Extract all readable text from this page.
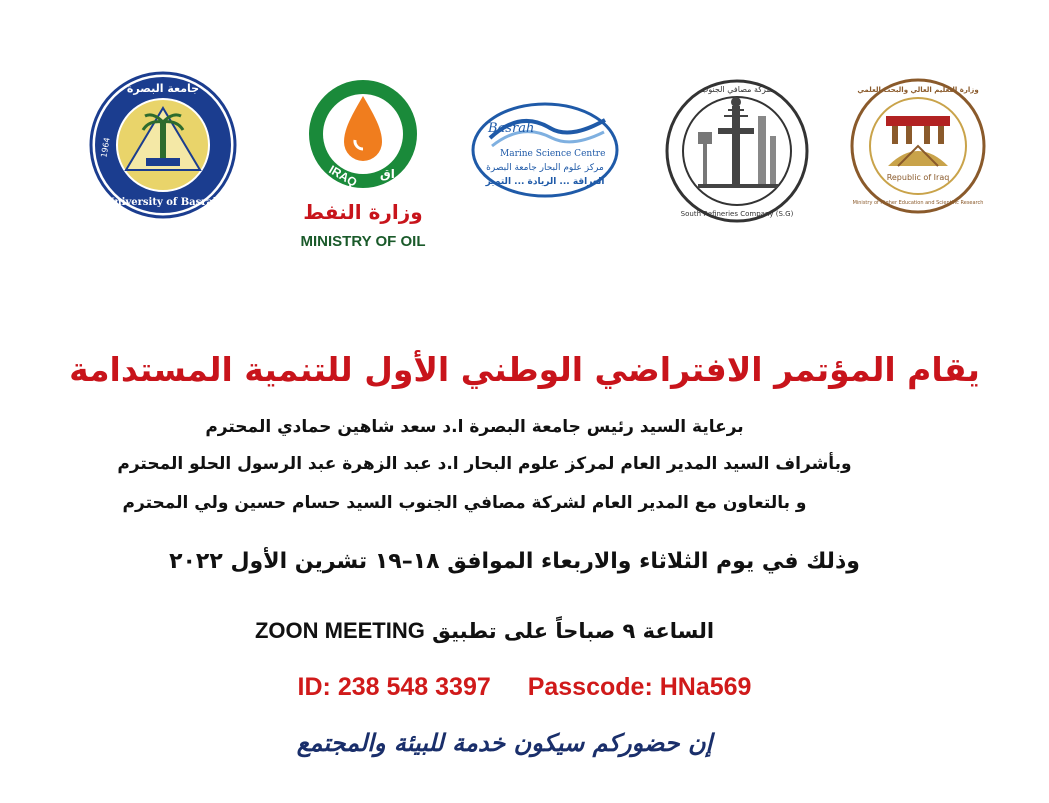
جامعة البصرة
University of Basrah
1964
IRAQ العراق
وزارة النفط
MINISTRY OF OIL
Basrah
Marine Science Centre
مركز علوم البحار جامعة البصرة
العراقة ... الريادة ... التميز
شركة مصافي الجنوب
South Refineries Company (S.G)
Republic of Iraq
وزارة التعليم العالي والبحث العلمي
Ministry of Higher Education and Scientific Research
يقام المؤتمر الافتراضي الوطني الأول للتنمية المستدامة
برعاية السيد رئيس جامعة البصرة ا.د سعد شاهين حمادي المحترم
وبأشراف السيد المدير العام لمركز علوم البحار ا.د عبد الزهرة عبد الرسول الحلو المحترم
و بالتعاون مع المدير العام لشركة مصافي الجنوب السيد حسام حسين ولي المحترم
وذلك في يوم الثلاثاء والاربعاء الموافق ١٨–١٩ تشرين الأول ٢٠٢٢
الساعة ٩ صباحاً على تطبيق ZOON MEETING
ID: 238 548 3397 Passcode: HNa569
إن حضوركم سيكون خدمة للبيئة والمجتمع
